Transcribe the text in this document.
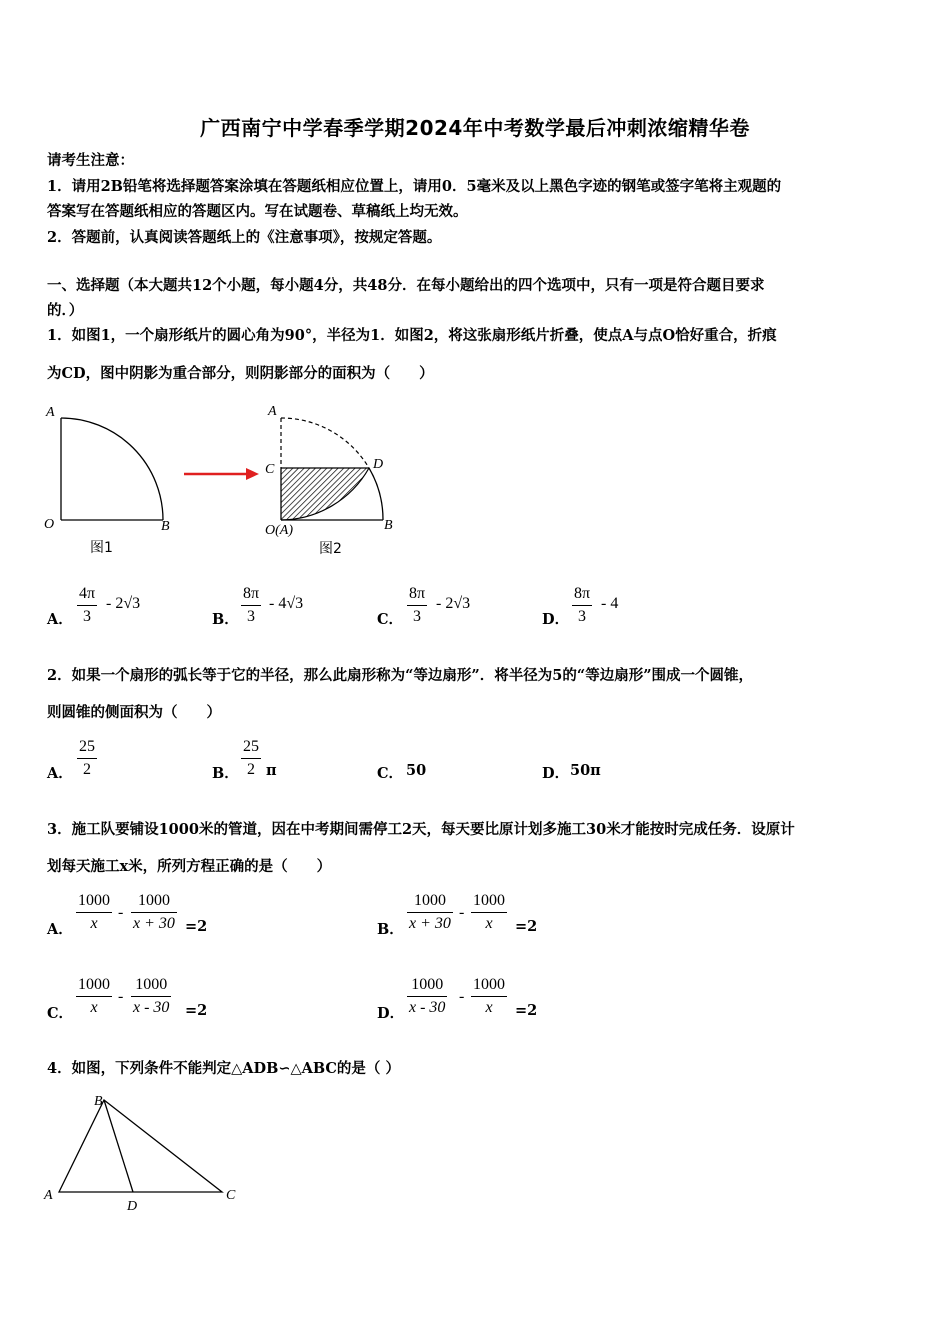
广西南宁中学春季学期2024年中考数学最后冲刺浓缩精华卷
请考生注意：
1．请用2B铅笔将选择题答案涂填在答题纸相应位置上，请用0．5毫米及以上黑色字迹的钢笔或签字笔将主观题的
答案写在答题纸相应的答题区内。写在试题卷、草稿纸上均无效。
2．答题前，认真阅读答题纸上的《注意事项》，按规定答题。
一、选择题（本大题共12个小题，每小题4分，共48分．在每小题给出的四个选项中，只有一项是符合题目要求
的．）
1．如图1，一个扇形纸片的圆心角为90°，半径为1．如图2，将这张扇形纸片折叠，使点A与点O恰好重合，折痕
为CD，图中阴影为重合部分，则阴影部分的面积为（　　）
A
O	B
图1
A
C	D
O(A)	B
图2
A．
4π
3
- 2√3
B．
8π
3
- 4√3
C．
8π
3
- 2√3
D．
8π
3
- 4
2．如果一个扇形的弧长等于它的半径，那么此扇形称为“等边扇形”．将半径为5的“等边扇形”围成一个圆锥，
则圆锥的侧面积为（　　）
A．
25
2	B．
25
2 π	C． 50	D． 50π
3．施工队要铺设1000米的管道，因在中考期间需停工2天，每天要比原计划多施工30米才能按时完成任务．设原计
划每天施工x米，所列方程正确的是（　　）
A．
1000
x
-
1000
x + 30 =2	B．
1000
x + 30
-
1000
x =2
C．
1000
x
-
1000
x - 30 =2	D．
1000
x - 30
-
1000
x =2
4．如图，下列条件不能判定△ADB∽△ABC的是（ ）
B
A	C
D
